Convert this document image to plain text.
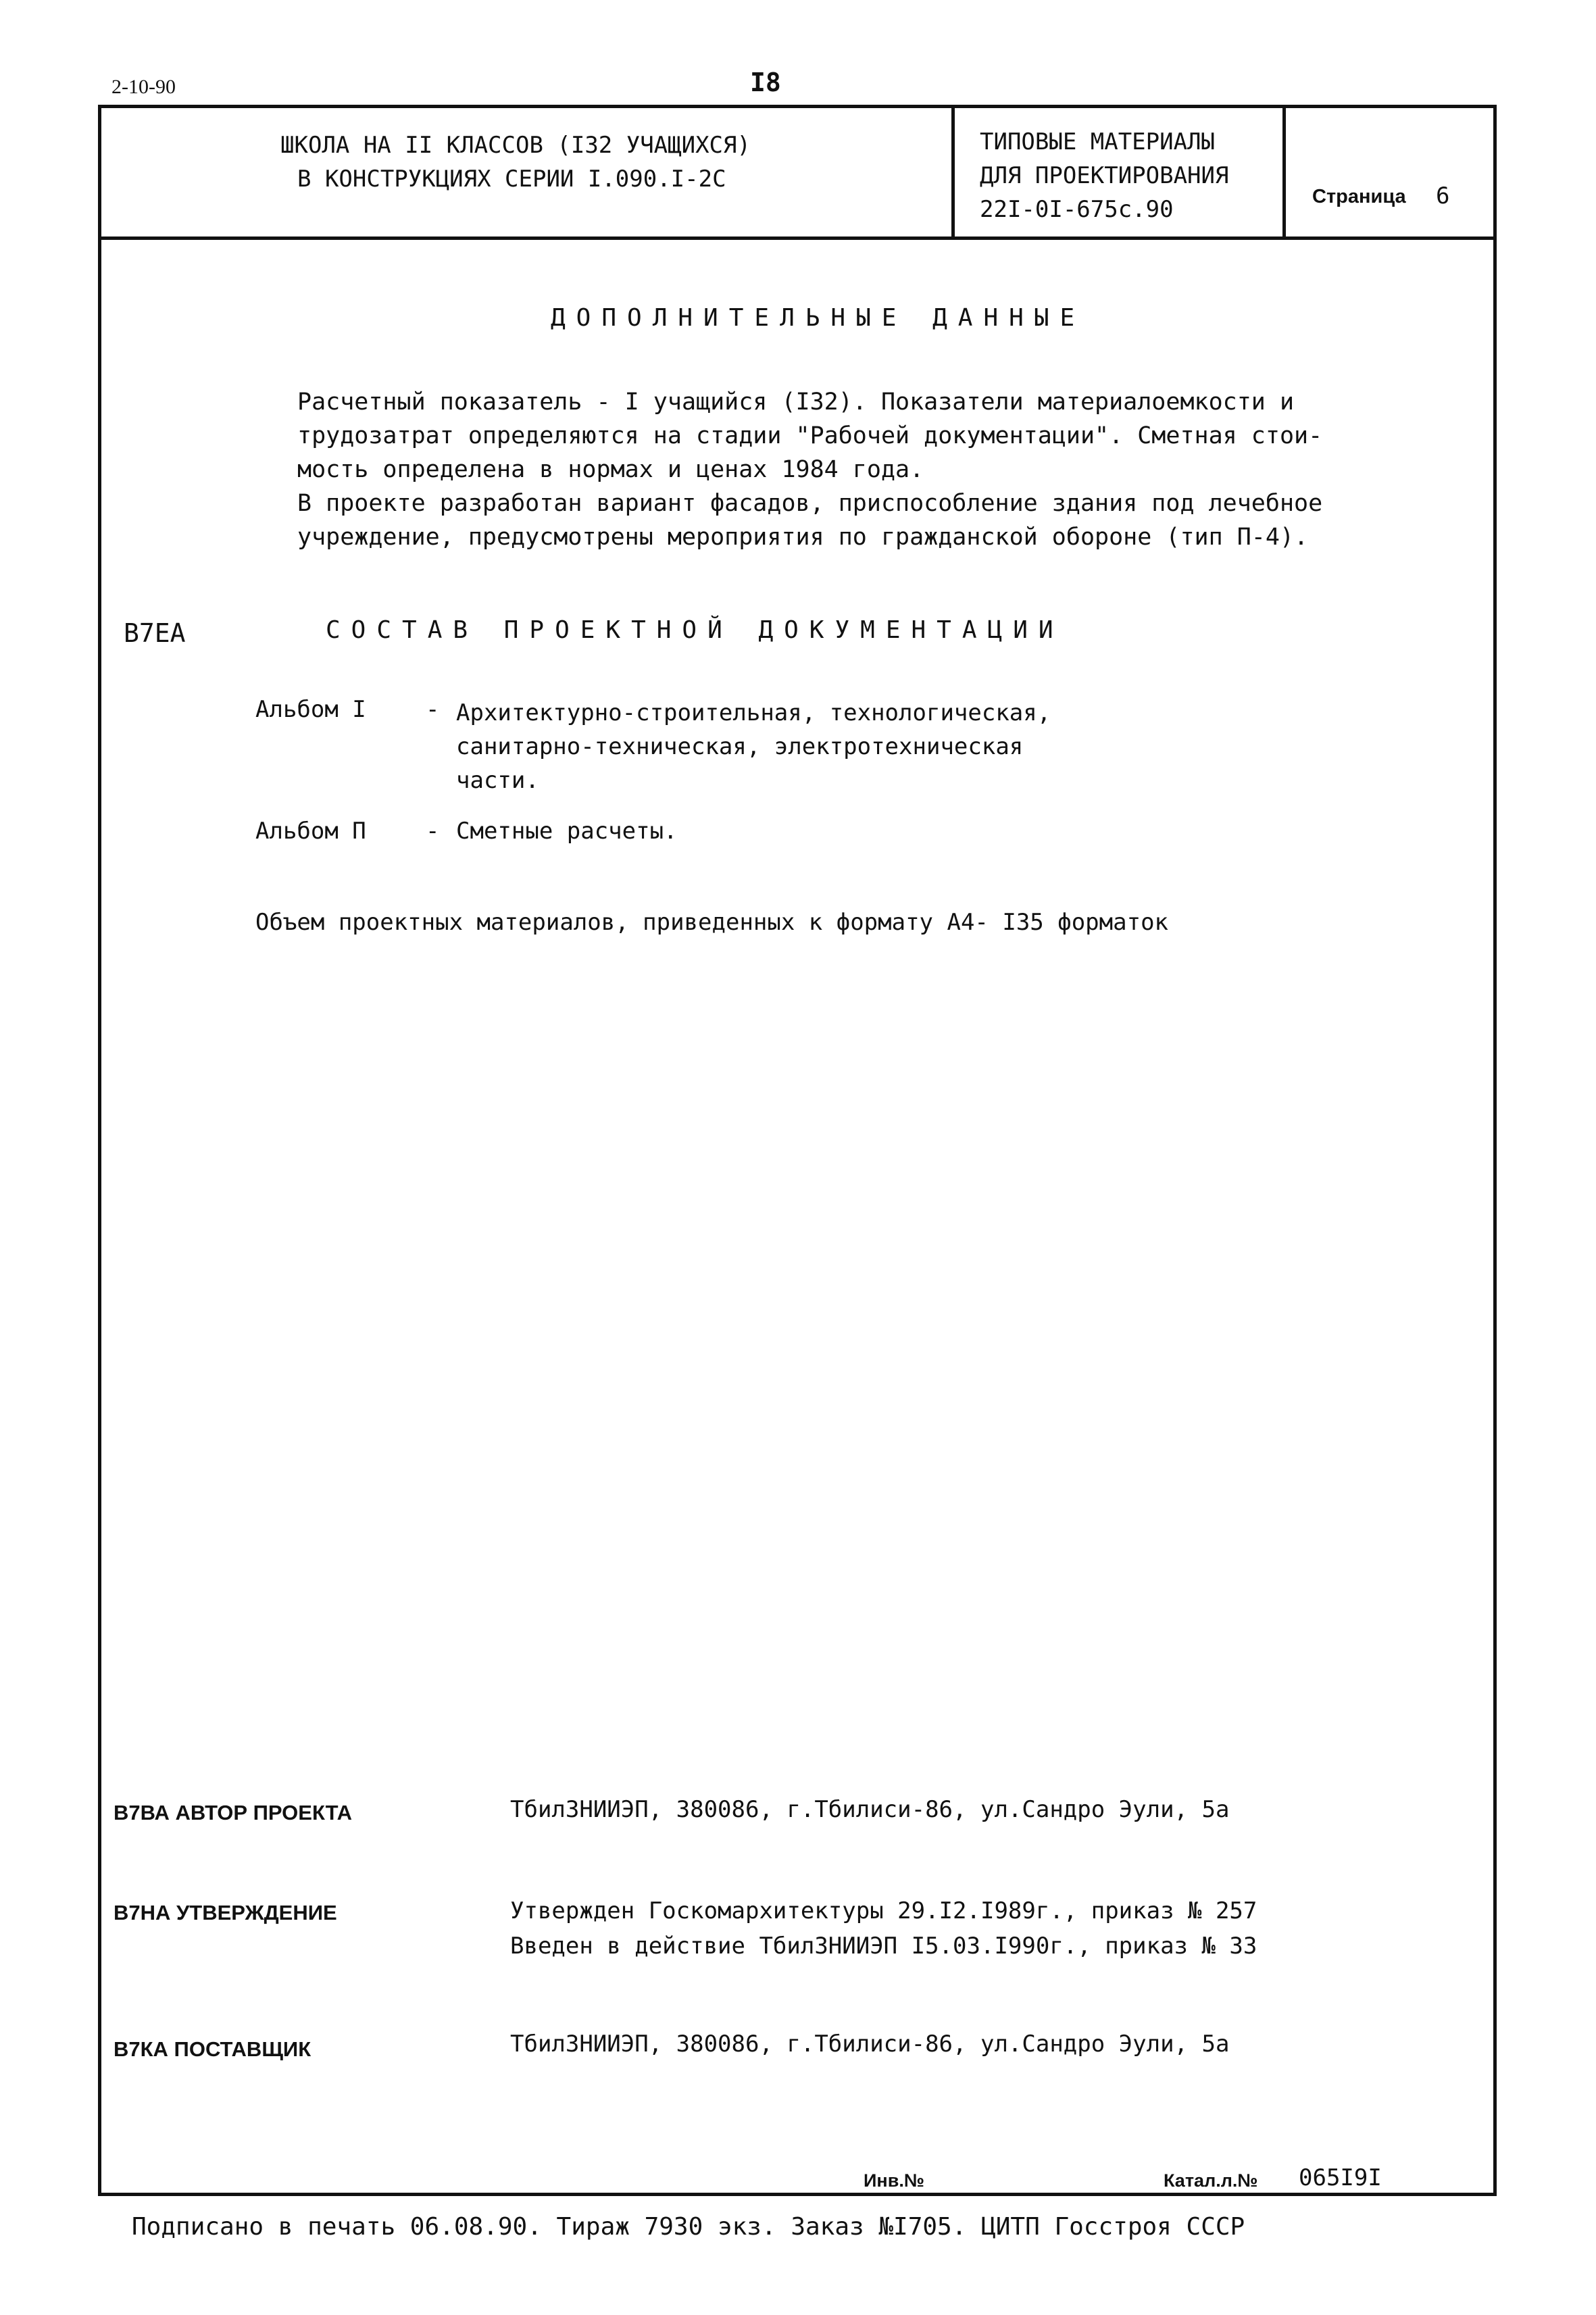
2-10-90	I8
ШКОЛА НА II КЛАССОВ (I32 УЧАЩИХСЯ)
В КОНСТРУКЦИЯХ СЕРИИ I.090.I-2С
ТИПОВЫЕ МАТЕРИАЛЫ
ДЛЯ ПРОЕКТИРОВАНИЯ
22I-0I-675с.90	Страница 6
ДОПОЛНИТЕЛЬНЫЕ ДАННЫЕ
Расчетный показатель - I учащийся (I32). Показатели материалоемкости и
трудозатрат определяются на стадии "Рабочей документации". Сметная стои-
мость определена в нормах и ценах 1984 года.
В проекте разработан вариант фасадов, приспособление здания под лечебное
учреждение, предусмотрены мероприятия по гражданской обороне (тип П-4).
В7ЕА	СОСТАВ ПРОЕКТНОЙ ДОКУМЕНТАЦИИ
Альбом I	- Архитектурно-строительная, технологическая,
санитарно-техническая, электротехническая
части.
Альбом П	- Сметные расчеты.
Объем проектных материалов, приведенных к формату А4- I35 форматок
В7ВА АВТОР ПРОЕКТА	ТбилЗНИИЭП, 380086, г.Тбилиси-86, ул.Сандро Эули, 5а
В7НА УТВЕРЖДЕНИЕ	Утвержден Госкомархитектуры 29.I2.I989г., приказ № 257
Введен в действие ТбилЗНИИЭП I5.03.I990г., приказ № 33
В7КА ПОСТАВЩИК	ТбилЗНИИЭП, 380086, г.Тбилиси-86, ул.Сандро Эули, 5а
Инв.№	Катал.л.№ 065I9I
Подписано в печать 06.08.90. Тираж 7930 экз. Заказ №I705. ЦИТП Госстроя СССР
